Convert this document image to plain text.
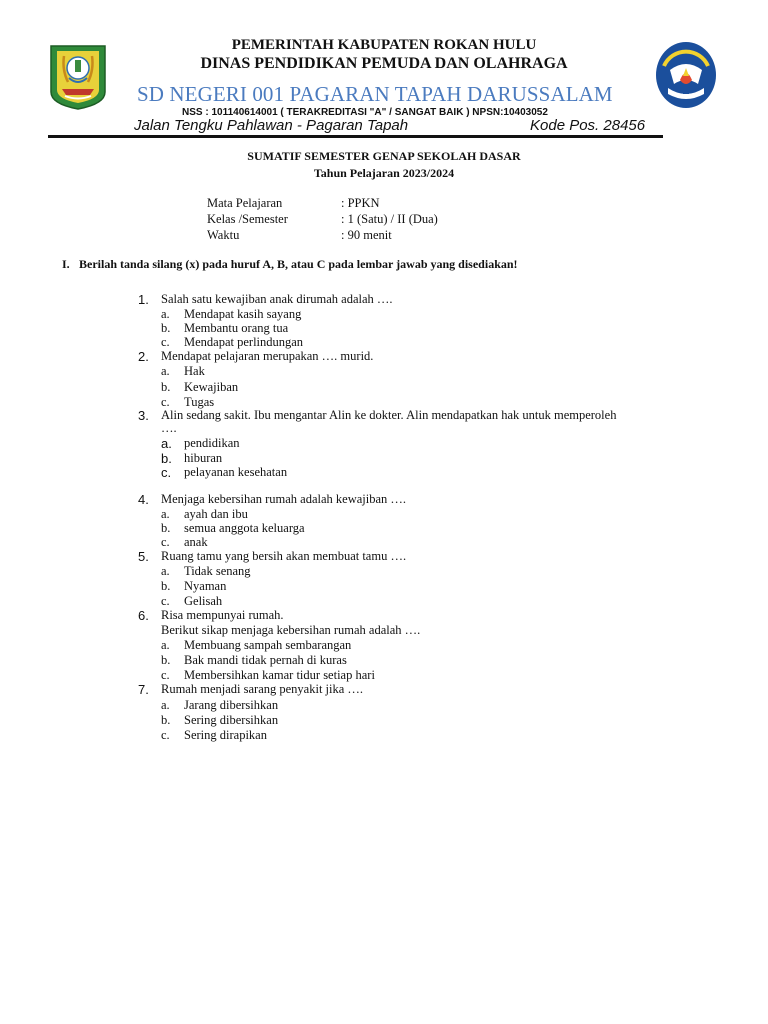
PEMERINTAH KABUPATEN ROKAN HULU
DINAS PENDIDIKAN PEMUDA DAN OLAHRAGA
SD NEGERI 001 PAGARAN TAPAH DARUSSALAM
NSS : 101140614001 ( TERAKREDITASI "A" / SANGAT BAIK ) NPSN:10403052
Jalan Tengku Pahlawan - Pagaran Tapah	Kode Pos. 28456
SUMATIF SEMESTER GENAP SEKOLAH DASAR
Tahun Pelajaran 2023/2024
Mata Pelajaran	: PPKN
Kelas /Semester	: 1 (Satu) / II (Dua)
Waktu	: 90 menit
I. Berilah tanda silang (x) pada huruf A, B, atau C pada lembar jawab yang disediakan!
1. Salah satu kewajiban anak dirumah adalah ….
a. Mendapat kasih sayang
b. Membantu orang tua
c. Mendapat perlindungan
2. Mendapat pelajaran merupakan …. murid.
a. Hak
b. Kewajiban
c. Tugas
3. Alin sedang sakit. Ibu mengantar Alin ke dokter. Alin mendapatkan hak untuk memperoleh
….
a. pendidikan
b. hiburan
c. pelayanan kesehatan
4. Menjaga kebersihan rumah adalah kewajiban ….
a. ayah dan ibu
b. semua anggota keluarga
c. anak
5. Ruang tamu yang bersih akan membuat tamu ….
a. Tidak senang
b. Nyaman
c. Gelisah
6. Risa mempunyai rumah.
Berikut sikap menjaga kebersihan rumah adalah ….
a. Membuang sampah sembarangan
b. Bak mandi tidak pernah di kuras
c. Membersihkan kamar tidur setiap hari
7. Rumah menjadi sarang penyakit jika ….
a. Jarang dibersihkan
b. Sering dibersihkan
c. Sering dirapikan
